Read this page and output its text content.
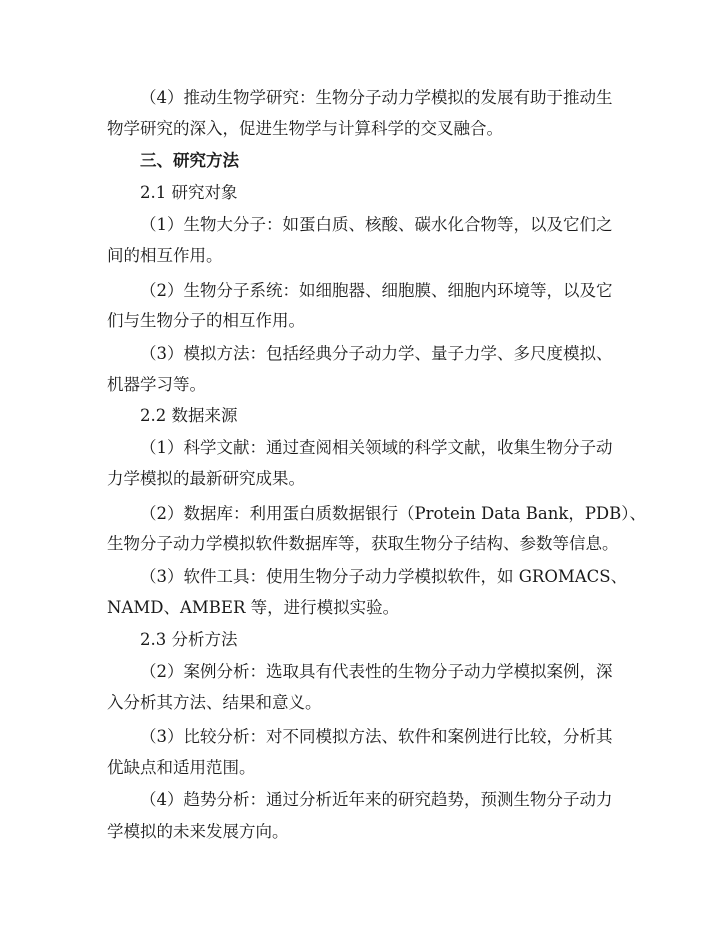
（4）推动生物学研究：生物分子动力学模拟的发展有助于推动生
物学研究的深入，促进生物学与计算科学的交叉融合。
三、研究方法
2.1 研究对象
（1）生物大分子：如蛋白质、核酸、碳水化合物等，以及它们之
间的相互作用。
（2）生物分子系统：如细胞器、细胞膜、细胞内环境等，以及它
们与生物分子的相互作用。
（3）模拟方法：包括经典分子动力学、量子力学、多尺度模拟、
机器学习等。
2.2 数据来源
（1）科学文献：通过查阅相关领域的科学文献，收集生物分子动
力学模拟的最新研究成果。
（2）数据库：利用蛋白质数据银行（Protein Data Bank，PDB）、
生物分子动力学模拟软件数据库等，获取生物分子结构、参数等信息。
（3）软件工具：使用生物分子动力学模拟软件，如 GROMACS、
NAMD、AMBER 等，进行模拟实验。
2.3 分析方法
（2）案例分析：选取具有代表性的生物分子动力学模拟案例，深
入分析其方法、结果和意义。
（3）比较分析：对不同模拟方法、软件和案例进行比较，分析其
优缺点和适用范围。
（4）趋势分析：通过分析近年来的研究趋势，预测生物分子动力
学模拟的未来发展方向。
